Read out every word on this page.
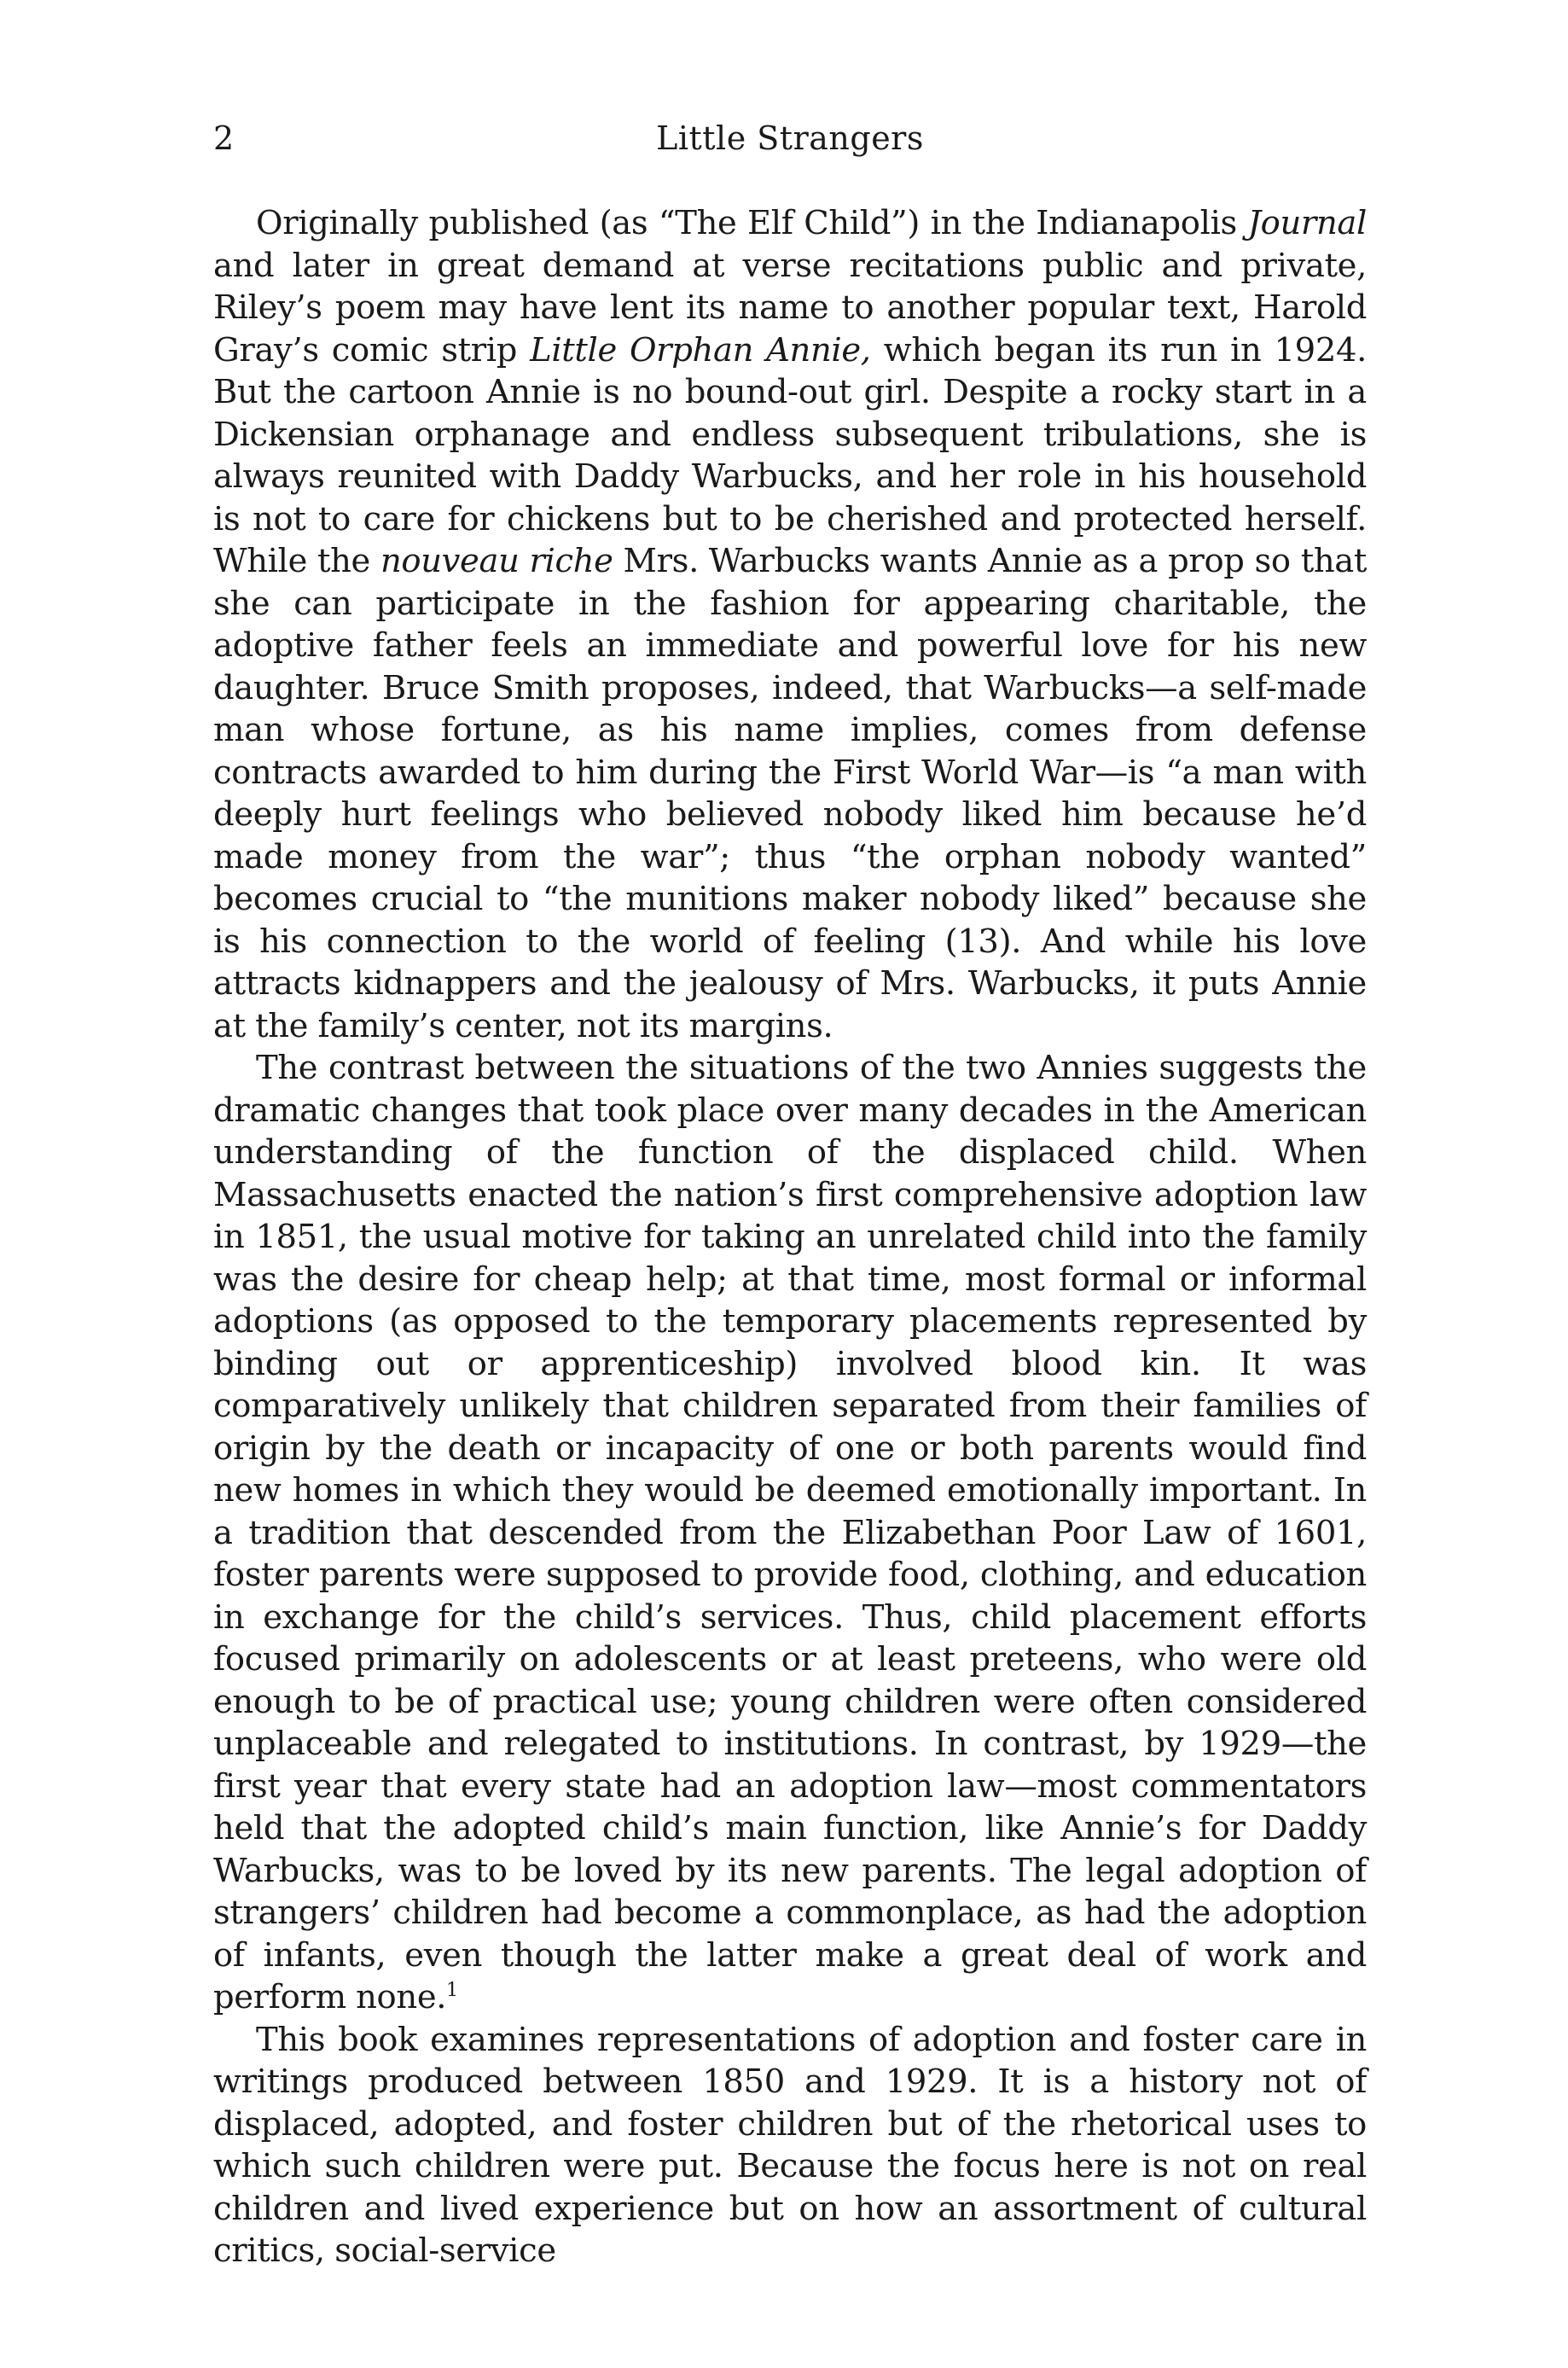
2	Little Strangers

Originally published (as “The Elf Child”) in the Indianapolis Journal and later in great demand at verse recitations public and private, Riley’s poem may have lent its name to another popular text, Harold Gray’s comic strip Little Orphan Annie, which began its run in 1924. But the cartoon Annie is no bound-out girl. Despite a rocky start in a Dickensian orphanage and endless subsequent tribulations, she is always reunited with Daddy Warbucks, and her role in his household is not to care for chickens but to be cherished and protected herself. While the nouveau riche Mrs. Warbucks wants Annie as a prop so that she can participate in the fashion for appearing charitable, the adoptive father feels an immediate and powerful love for his new daughter. Bruce Smith proposes, indeed, that Warbucks—a self-made man whose fortune, as his name implies, comes from defense contracts awarded to him during the First World War—is “a man with deeply hurt feelings who believed nobody liked him because he’d made money from the war”; thus “the orphan nobody wanted” becomes crucial to “the munitions maker nobody liked” because she is his connection to the world of feeling (13). And while his love attracts kidnappers and the jealousy of Mrs. Warbucks, it puts Annie at the family’s center, not its margins.

The contrast between the situations of the two Annies suggests the dramatic changes that took place over many decades in the American understanding of the function of the displaced child. When Massachusetts enacted the nation’s first comprehensive adoption law in 1851, the usual motive for taking an unrelated child into the family was the desire for cheap help; at that time, most formal or informal adoptions (as opposed to the temporary placements represented by binding out or apprenticeship) involved blood kin. It was comparatively unlikely that children separated from their families of origin by the death or incapacity of one or both parents would find new homes in which they would be deemed emotionally important. In a tradition that descended from the Elizabethan Poor Law of 1601, foster parents were supposed to provide food, clothing, and education in exchange for the child’s services. Thus, child placement efforts focused primarily on adolescents or at least preteens, who were old enough to be of practical use; young children were often considered unplaceable and relegated to institutions. In contrast, by 1929—the first year that every state had an adoption law—most commentators held that the adopted child’s main function, like Annie’s for Daddy Warbucks, was to be loved by its new parents. The legal adoption of strangers’ children had become a commonplace, as had the adoption of infants, even though the latter make a great deal of work and perform none.$^1$

This book examines representations of adoption and foster care in writings produced between 1850 and 1929. It is a history not of displaced, adopted, and foster children but of the rhetorical uses to which such children were put. Because the focus here is not on real children and lived experience but on how an assortment of cultural critics, social-service
